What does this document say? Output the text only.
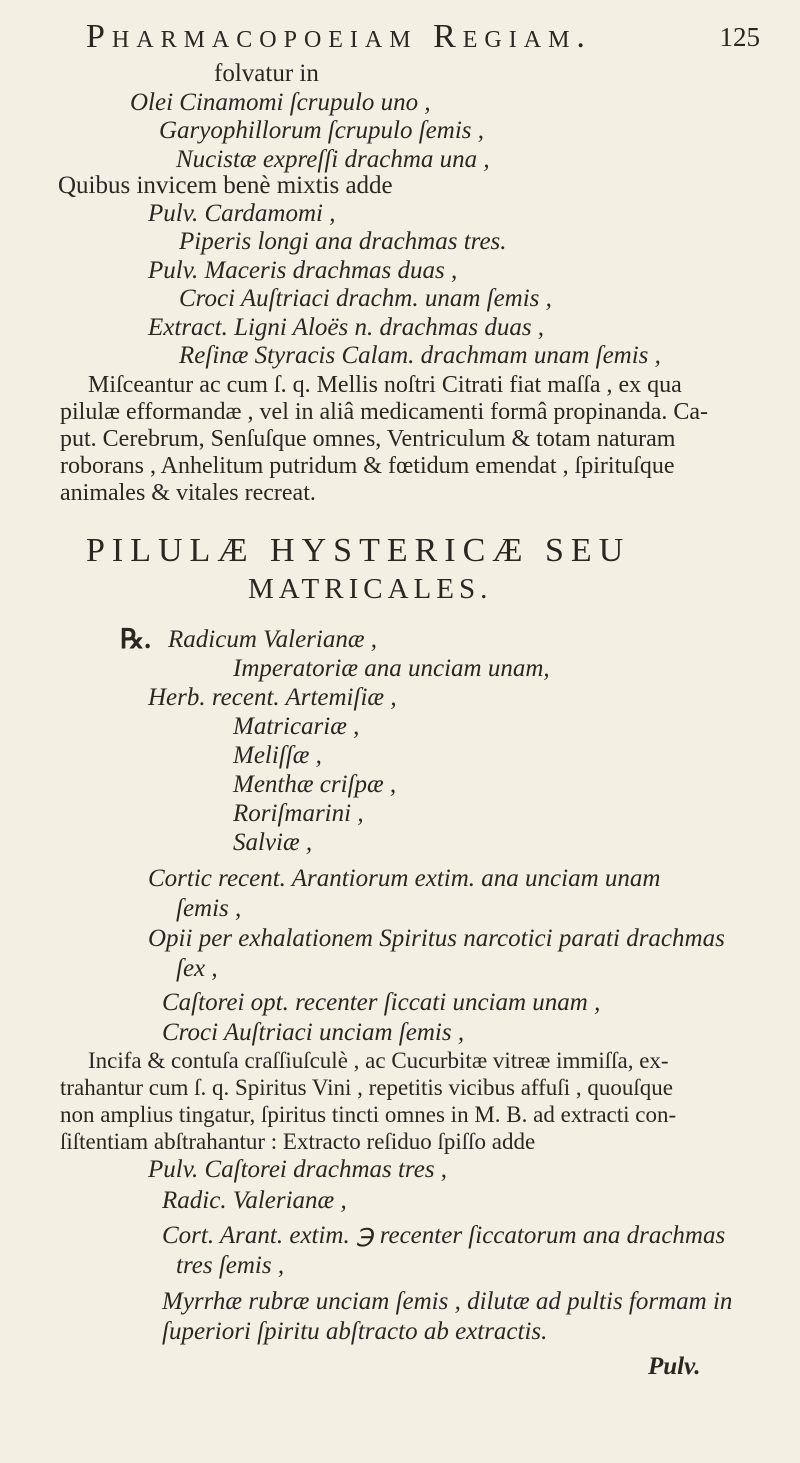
Pharmacopoeiam Regiam.	125
folvatur in
Olei Cinamomi ſcrupulo uno ,
Garyophillorum ſcrupulo ſemis ,
Nucistæ expreſſi drachma una ,
Quibus invicem benè mixtis adde
Pulv. Cardamomi ,
Piperis longi ana drachmas tres.
Pulv. Maceris drachmas duas ,
Croci Auſtriaci drachm. unam ſemis ,
Extract. Ligni Aloës n. drachmas duas ,
Reſinæ Styracis Calam. drachmam unam ſemis ,
Miſceantur ac cum ſ. q. Mellis noſtri Citrati fiat maſſa , ex qua
pilulæ efformandæ , vel in aliâ medicamenti formâ propinanda. Ca-
put. Cerebrum, Senſuſque omnes, Ventriculum & totam naturam
roborans , Anhelitum putridum & fœtidum emendat , ſpirituſque
animales & vitales recreat.
PILULÆ HYSTERICÆ SEU
MATRICALES.
℞. Radicum Valerianæ ,
Imperatoriæ ana unciam unam,
Herb. recent. Artemiſiæ ,
Matricariæ ,
Meliſſæ ,
Menthæ criſpæ ,
Roriſmarini ,
Salviæ ,
Cortic recent. Arantiorum extim. ana unciam unam
ſemis ,
Opii per exhalationem Spiritus narcotici parati drachmas
ſex ,
Caſtorei opt. recenter ſiccati unciam unam ,
Croci Auſtriaci unciam ſemis ,
Incifa & contuſa craſſiuſculè , ac Cucurbitæ vitreæ immiſſa, ex-
trahantur cum ſ. q. Spiritus Vini , repetitis vicibus affuſi , quouſque
non amplius tingatur, ſpiritus tincti omnes in M. B. ad extracti con-
ſiſtentiam abſtrahantur : Extracto reſiduo ſpiſſo adde
Pulv. Caſtorei drachmas tres ,
Radic. Valerianæ ,
Cort. Arant. extim. ℈ recenter ſiccatorum ana drachmas
tres ſemis ,
Myrrhæ rubræ unciam ſemis , dilutæ ad pultis formam in
ſuperiori ſpiritu abſtracto ab extractis.
Pulv.
